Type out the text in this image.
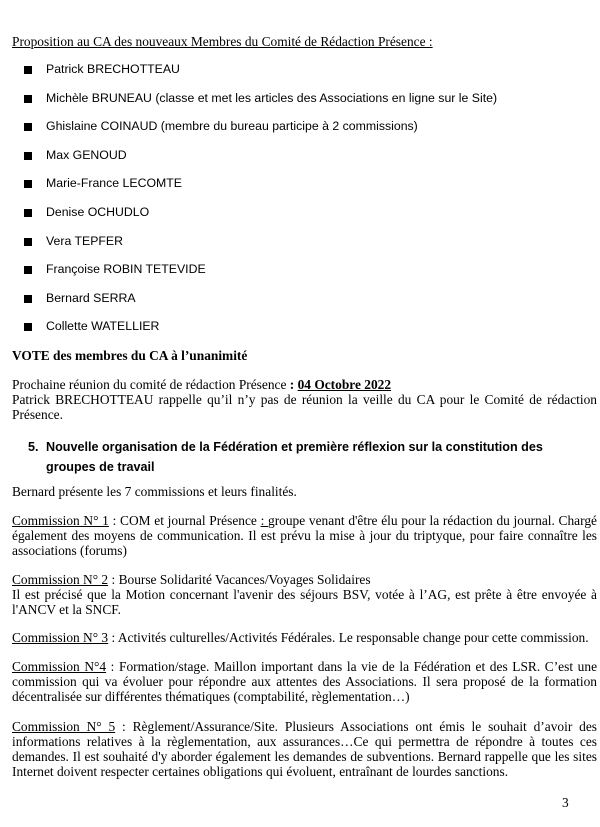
Proposition au CA des nouveaux Membres du Comité de Rédaction Présence :
Patrick BRECHOTTEAU
Michèle BRUNEAU (classe et met les articles des Associations en ligne sur le Site)
Ghislaine COINAUD (membre du bureau participe à 2 commissions)
Max GENOUD
Marie-France LECOMTE
Denise OCHUDLO
Vera TEPFER
Françoise ROBIN TETEVIDE
Bernard SERRA
Collette WATELLIER
VOTE des membres du CA à l’unanimité
Prochaine réunion du comité de rédaction Présence : 04 Octobre 2022
Patrick BRECHOTTEAU rappelle qu’il n’y pas de réunion la veille du CA pour le Comité de rédaction Présence.
5. Nouvelle organisation de la Fédération et première réflexion sur la constitution des groupes de travail
Bernard présente les 7 commissions et leurs finalités.
Commission N° 1 : COM et journal Présence : groupe venant d'être élu pour la rédaction du journal. Chargé également des moyens de communication. Il est prévu la mise à jour du triptyque, pour faire connaître les associations (forums)
Commission N° 2 : Bourse Solidarité Vacances/Voyages Solidaires
Il est précisé que la Motion concernant l'avenir des séjours BSV, votée à l’AG, est prête à être envoyée à l'ANCV et la SNCF.
Commission N° 3 : Activités culturelles/Activités Fédérales. Le responsable change pour cette commission.
Commission N°4 : Formation/stage. Maillon important dans la vie de la Fédération et des LSR. C’est une commission qui va évoluer pour répondre aux attentes des Associations. Il sera proposé de la formation décentralisée sur différentes thématiques (comptabilité, règlementation…)
Commission N° 5 : Règlement/Assurance/Site. Plusieurs Associations ont émis le souhait d’avoir des informations relatives à la règlementation, aux assurances…Ce qui permettra de répondre à toutes ces demandes. Il est souhaité d'y aborder également les demandes de subventions. Bernard rappelle que les sites Internet doivent respecter certaines obligations qui évoluent, entraînant de lourdes sanctions.
3
